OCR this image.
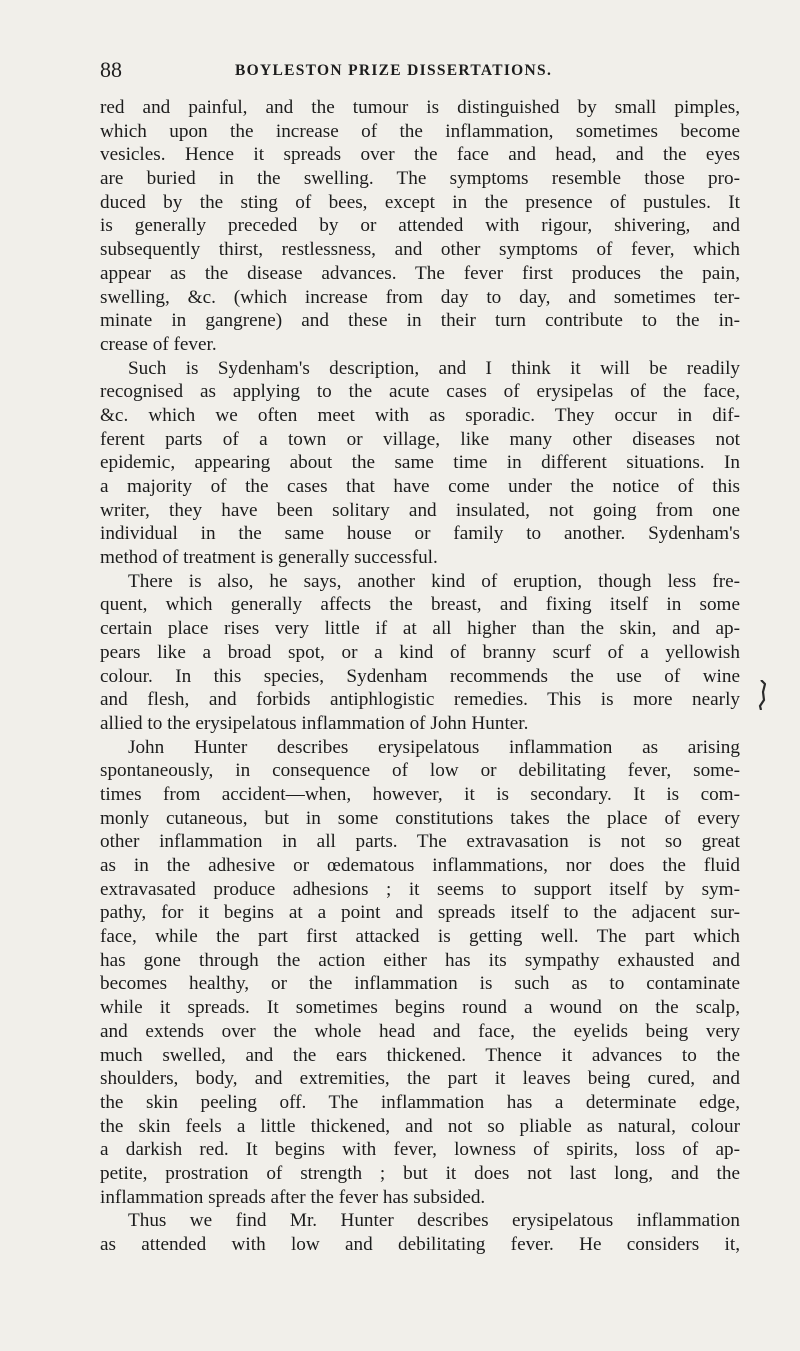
88	BOYLESTON PRIZE DISSERTATIONS.
red and painful, and the tumour is distinguished by small pimples,
which upon the increase of the inflammation, sometimes become
vesicles. Hence it spreads over the face and head, and the eyes
are buried in the swelling. The symptoms resemble those pro-
duced by the sting of bees, except in the presence of pustules. It
is generally preceded by or attended with rigour, shivering, and
subsequently thirst, restlessness, and other symptoms of fever, which
appear as the disease advances. The fever first produces the pain,
swelling, &c. (which increase from day to day, and sometimes ter-
minate in gangrene) and these in their turn contribute to the in-
crease of fever.
Such is Sydenham's description, and I think it will be readily
recognised as applying to the acute cases of erysipelas of the face,
&c. which we often meet with as sporadic. They occur in dif-
ferent parts of a town or village, like many other diseases not
epidemic, appearing about the same time in different situations. In
a majority of the cases that have come under the notice of this
writer, they have been solitary and insulated, not going from one
individual in the same house or family to another. Sydenham's
method of treatment is generally successful.
There is also, he says, another kind of eruption, though less fre-
quent, which generally affects the breast, and fixing itself in some
certain place rises very little if at all higher than the skin, and ap-
pears like a broad spot, or a kind of branny scurf of a yellowish
colour. In this species, Sydenham recommends the use of wine
and flesh, and forbids antiphlogistic remedies. This is more nearly
allied to the erysipelatous inflammation of John Hunter.
John Hunter describes erysipelatous inflammation as arising
spontaneously, in consequence of low or debilitating fever, some-
times from accident—when, however, it is secondary. It is com-
monly cutaneous, but in some constitutions takes the place of every
other inflammation in all parts. The extravasation is not so great
as in the adhesive or œdematous inflammations, nor does the fluid
extravasated produce adhesions ; it seems to support itself by sym-
pathy, for it begins at a point and spreads itself to the adjacent sur-
face, while the part first attacked is getting well. The part which
has gone through the action either has its sympathy exhausted and
becomes healthy, or the inflammation is such as to contaminate
while it spreads. It sometimes begins round a wound on the scalp,
and extends over the whole head and face, the eyelids being very
much swelled, and the ears thickened. Thence it advances to the
shoulders, body, and extremities, the part it leaves being cured, and
the skin peeling off. The inflammation has a determinate edge,
the skin feels a little thickened, and not so pliable as natural, colour
a darkish red. It begins with fever, lowness of spirits, loss of ap-
petite, prostration of strength ; but it does not last long, and the
inflammation spreads after the fever has subsided.
Thus we find Mr. Hunter describes erysipelatous inflammation
as attended with low and debilitating fever. He considers it,
